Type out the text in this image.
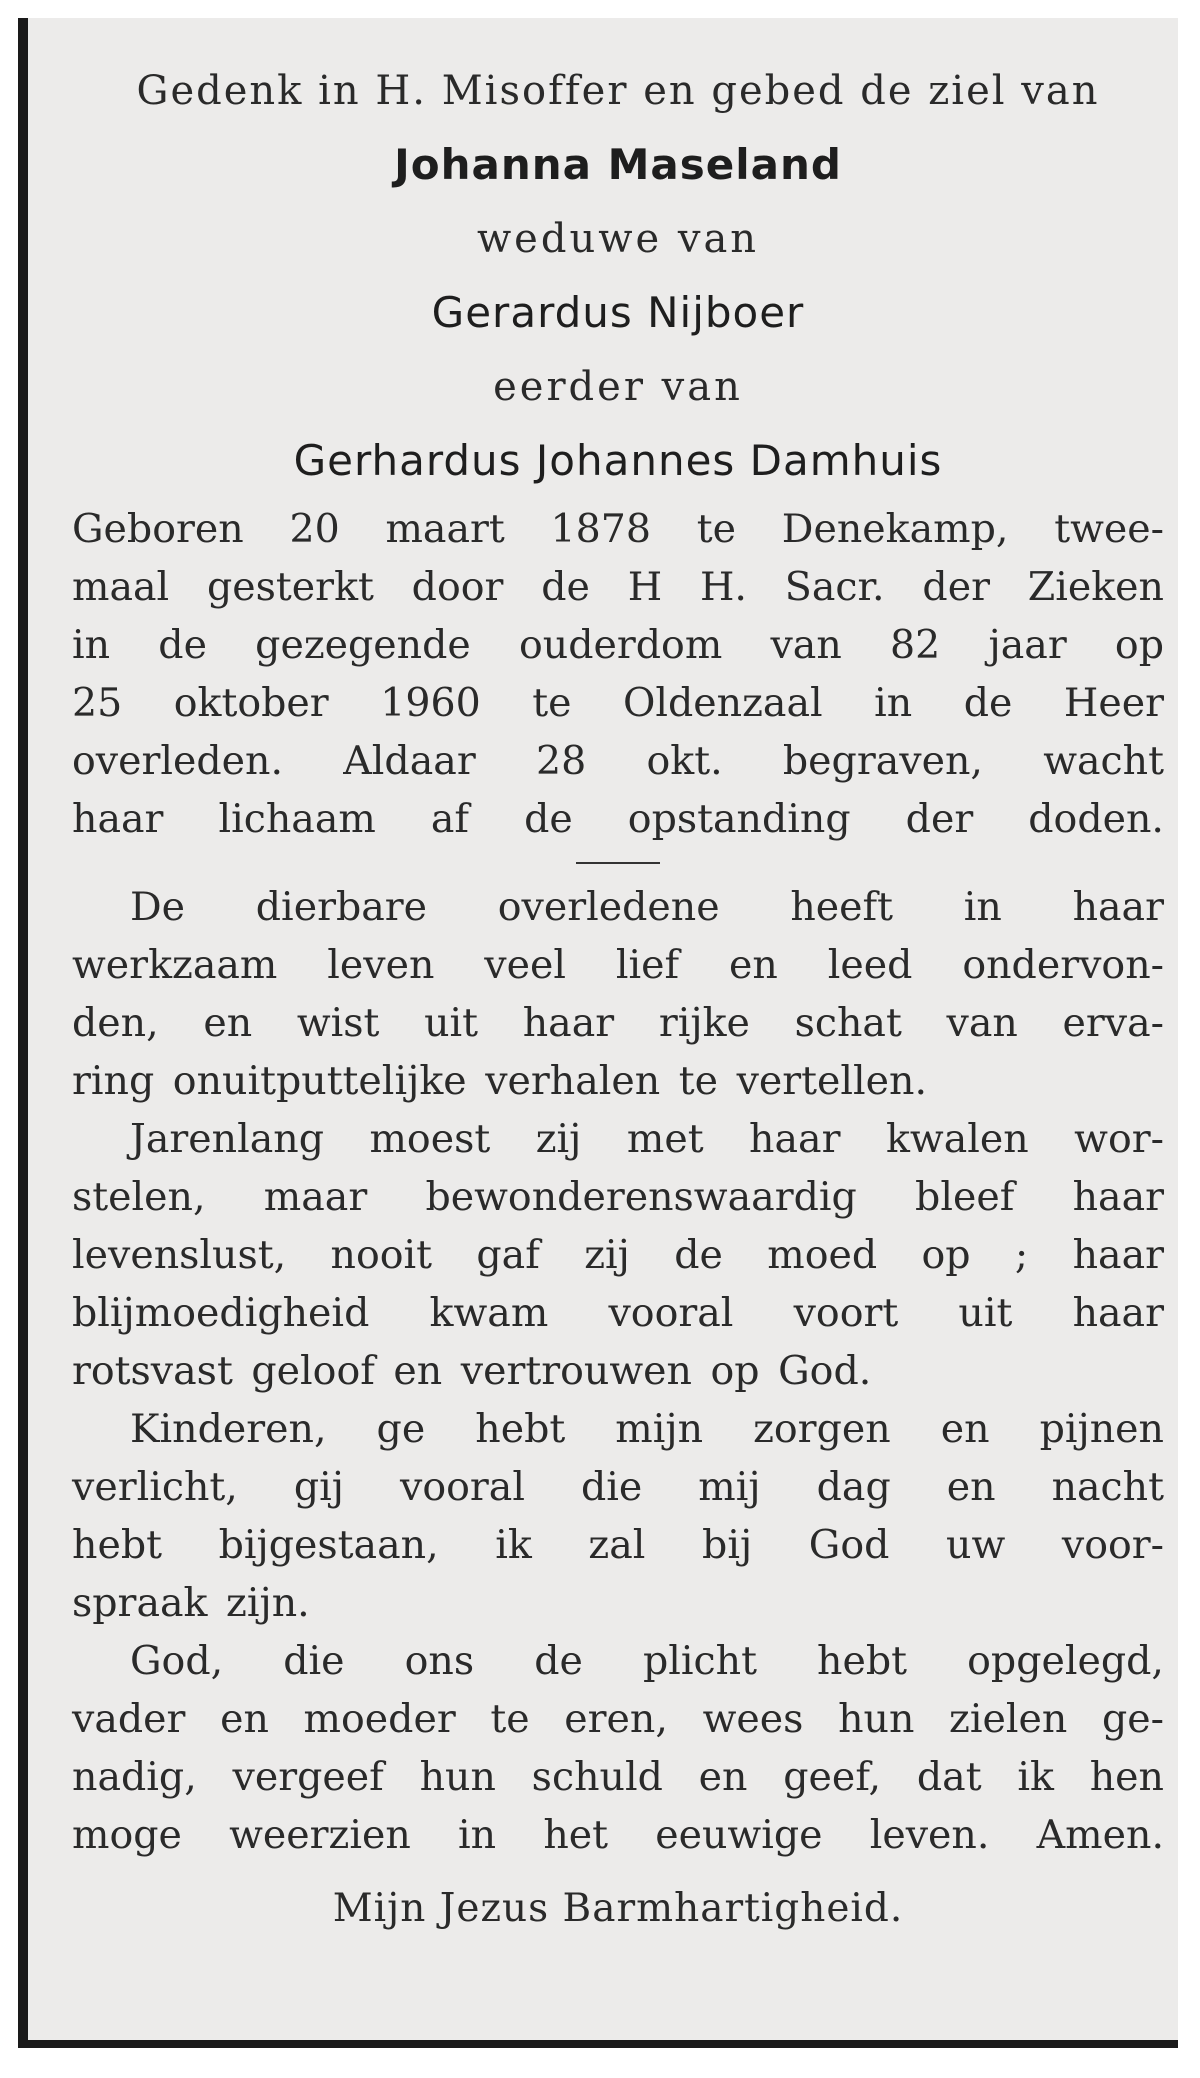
Gedenk in H. Misoffer en gebed de ziel van
Johanna Maseland
weduwe van
Gerardus Nijboer
eerder van
Gerhardus Johannes Damhuis
Geboren 20 maart 1878 te Denekamp, twee-
maal gesterkt door de H H. Sacr. der Zieken
in de gezegende ouderdom van 82 jaar op
25 oktober 1960 te Oldenzaal in de Heer
overleden. Aldaar 28 okt. begraven, wacht
haar lichaam af de opstanding der doden.
De dierbare overledene heeft in haar
werkzaam leven veel lief en leed ondervon-
den, en wist uit haar rijke schat van erva-
ring onuitputtelijke verhalen te vertellen.
Jarenlang moest zij met haar kwalen wor-
stelen, maar bewonderenswaardig bleef haar
levenslust, nooit gaf zij de moed op ; haar
blijmoedigheid kwam vooral voort uit haar
rotsvast geloof en vertrouwen op God.
Kinderen, ge hebt mijn zorgen en pijnen
verlicht, gij vooral die mij dag en nacht
hebt bijgestaan, ik zal bij God uw voor-
spraak zijn.
God, die ons de plicht hebt opgelegd,
vader en moeder te eren, wees hun zielen ge-
nadig, vergeef hun schuld en geef, dat ik hen
moge weerzien in het eeuwige leven. Amen.
Mijn Jezus Barmhartigheid.
